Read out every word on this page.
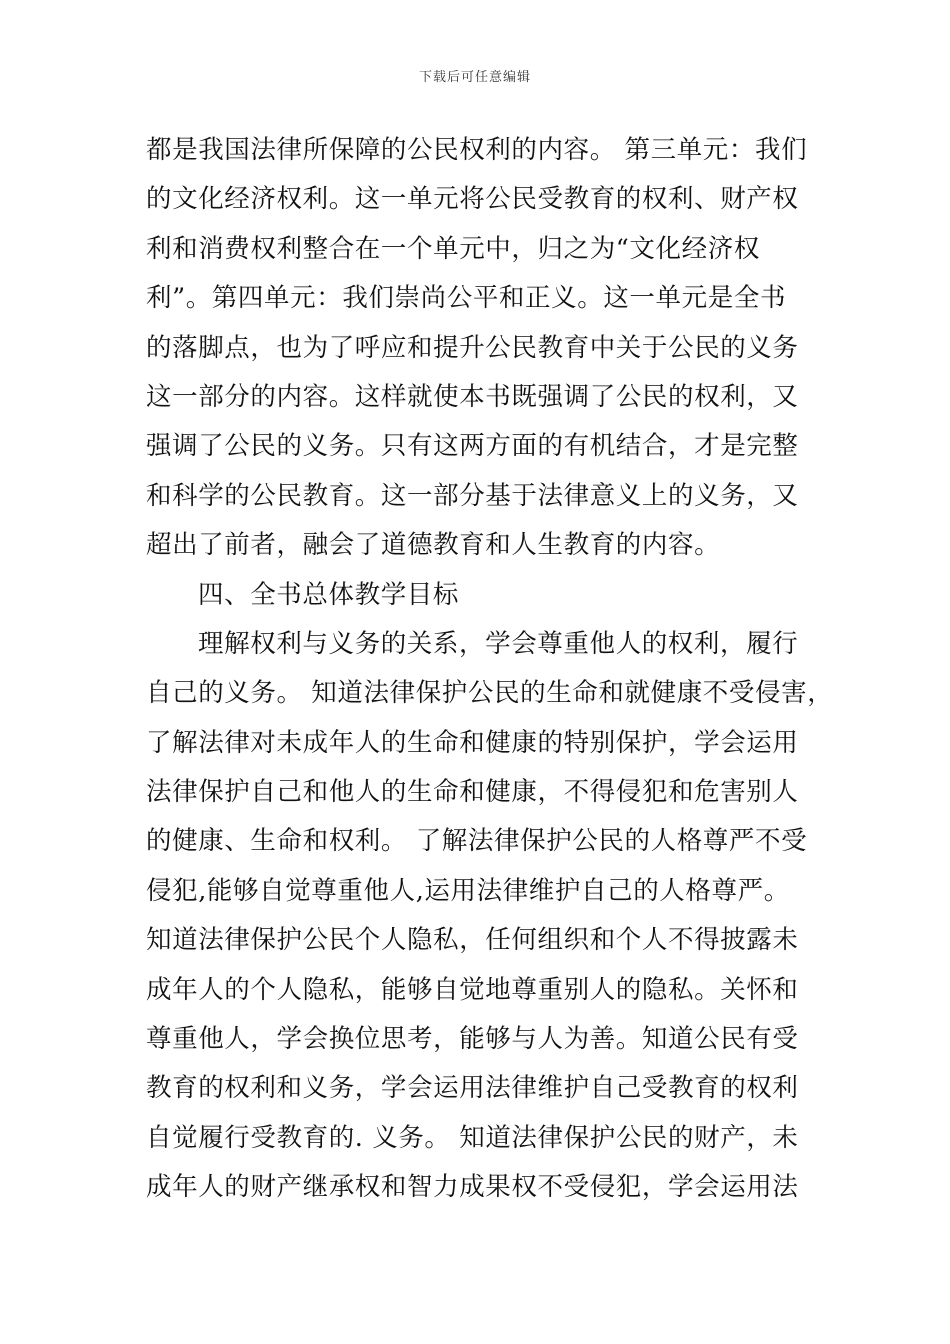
下载后可任意编辑
都是我国法律所保障的公民权利的内容。 第三单元：我们
的文化经济权利。这一单元将公民受教育的权利、财产权
利和消费权利整合在一个单元中，归之为“文化经济权
利”。第四单元：我们崇尚公平和正义。这一单元是全书
的落脚点，也为了呼应和提升公民教育中关于公民的义务
这一部分的内容。这样就使本书既强调了公民的权利，又
强调了公民的义务。只有这两方面的有机结合，才是完整
和科学的公民教育。这一部分基于法律意义上的义务，又
超出了前者，融会了道德教育和人生教育的内容。
四、全书总体教学目标
理解权利与义务的关系，学会尊重他人的权利，履行
自己的义务。 知道法律保护公民的生命和就健康不受侵害，
了解法律对未成年人的生命和健康的特别保护，学会运用
法律保护自己和他人的生命和健康，不得侵犯和危害别人
的健康、生命和权利。 了解法律保护公民的人格尊严不受
侵犯,能够自觉尊重他人,运用法律维护自己的人格尊严。
知道法律保护公民个人隐私，任何组织和个人不得披露未
成年人的个人隐私，能够自觉地尊重别人的隐私。关怀和
尊重他人，学会换位思考，能够与人为善。知道公民有受
教育的权利和义务，学会运用法律维护自己受教育的权利
自觉履行受教育的. 义务。 知道法律保护公民的财产，未
成年人的财产继承权和智力成果权不受侵犯，学会运用法
